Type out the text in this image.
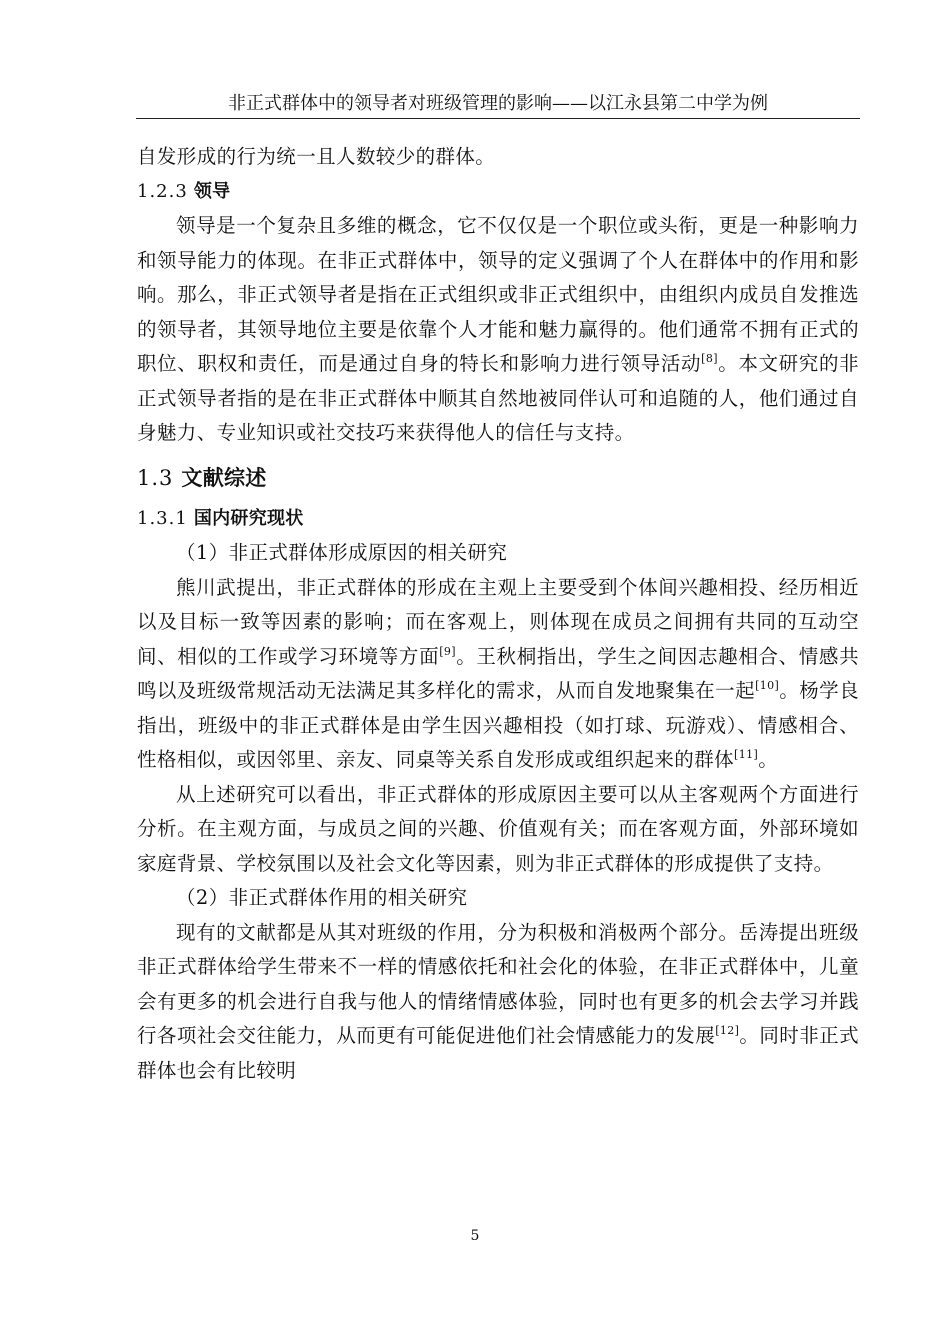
非正式群体中的领导者对班级管理的影响——以江永县第二中学为例

自发形成的行为统一且人数较少的群体。

1.2.3 领导

领导是一个复杂且多维的概念，它不仅仅是一个职位或头衔，更是一种影响力和领导能力的体现。在非正式群体中，领导的定义强调了个人在群体中的作用和影响。那么，非正式领导者是指在正式组织或非正式组织中，由组织内成员自发推选的领导者，其领导地位主要是依靠个人才能和魅力赢得的。他们通常不拥有正式的职位、职权和责任，而是通过自身的特长和影响力进行领导活动[8]。本文研究的非正式领导者指的是在非正式群体中顺其自然地被同伴认可和追随的人，他们通过自身魅力、专业知识或社交技巧来获得他人的信任与支持。

1.3 文献综述
1.3.1 国内研究现状
（1）非正式群体形成原因的相关研究

熊川武提出，非正式群体的形成在主观上主要受到个体间兴趣相投、经历相近以及目标一致等因素的影响；而在客观上，则体现在成员之间拥有共同的互动空间、相似的工作或学习环境等方面[9]。王秋桐指出，学生之间因志趣相合、情感共鸣以及班级常规活动无法满足其多样化的需求，从而自发地聚集在一起[10]。杨学良指出，班级中的非正式群体是由学生因兴趣相投（如打球、玩游戏）、情感相合、性格相似，或因邻里、亲友、同桌等关系自发形成或组织起来的群体[11]。

从上述研究可以看出，非正式群体的形成原因主要可以从主客观两个方面进行分析。在主观方面，与成员之间的兴趣、价值观有关；而在客观方面，外部环境如家庭背景、学校氛围以及社会文化等因素，则为非正式群体的形成提供了支持。

（2）非正式群体作用的相关研究

现有的文献都是从其对班级的作用，分为积极和消极两个部分。岳涛提出班级非正式群体给学生带来不一样的情感依托和社会化的体验，在非正式群体中，儿童会有更多的机会进行自我与他人的情绪情感体验，同时也有更多的机会去学习并践行各项社会交往能力，从而更有可能促进他们社会情感能力的发展[12]。同时非正式群体也会有比较明

5
